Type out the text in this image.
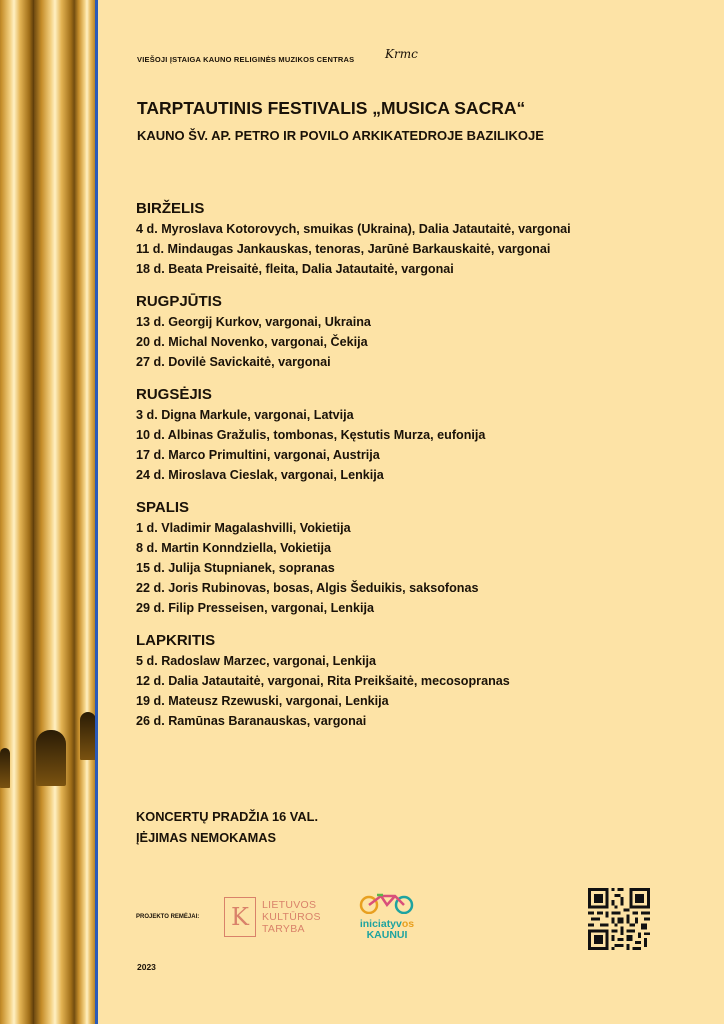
VIEŠOJI ĮSTAIGA KAUNO RELIGINĖS MUZIKOS CENTRAS	Krmc
TARPTAUTINIS FESTIVALIS „MUSICA SACRA“
KAUNO ŠV. AP. PETRO IR POVILO ARKIKATEDROJE BAZILIKOJE
BIRŽELIS
4 d. Myroslava Kotorovych, smuikas (Ukraina), Dalia Jatautaitė, vargonai
11 d. Mindaugas Jankauskas, tenoras, Jarūnė Barkauskaitė, vargonai
18 d. Beata Preisaitė, fleita, Dalia Jatautaitė, vargonai
RUGPJŪTIS
13 d. Georgij Kurkov, vargonai, Ukraina
20 d. Michal Novenko, vargonai, Čekija
27 d. Dovilė Savickaitė, vargonai
RUGSĖJIS
3 d. Digna Markule, vargonai, Latvija
10 d. Albinas Gražulis, tombonas, Kęstutis Murza, eufonija
17 d. Marco Primultini, vargonai, Austrija
24 d. Miroslava Cieslak, vargonai, Lenkija
SPALIS
1 d. Vladimir Magalashvilli, Vokietija
8 d. Martin Konndziella, Vokietija
15 d. Julija Stupnianek, sopranas
22 d. Joris Rubinovas, bosas, Algis Šeduikis, saksofonas
29 d. Filip Presseisen, vargonai, Lenkija
LAPKRITIS
5 d. Radoslaw Marzec, vargonai, Lenkija
12 d. Dalia Jatautaitė, vargonai, Rita Preikšaitė, mecosopranas
19 d. Mateusz Rzewuski, vargonai, Lenkija
26 d. Ramūnas Baranauskas, vargonai
KONCERTŲ PRADŽIA 16 VAL.
ĮĖJIMAS NEMOKAMAS
PROJEKTO REMĖJAI: K	LIETUVOS
KULTŪROS
TARYBA	iniciatyvos
KAUNUI
2023
